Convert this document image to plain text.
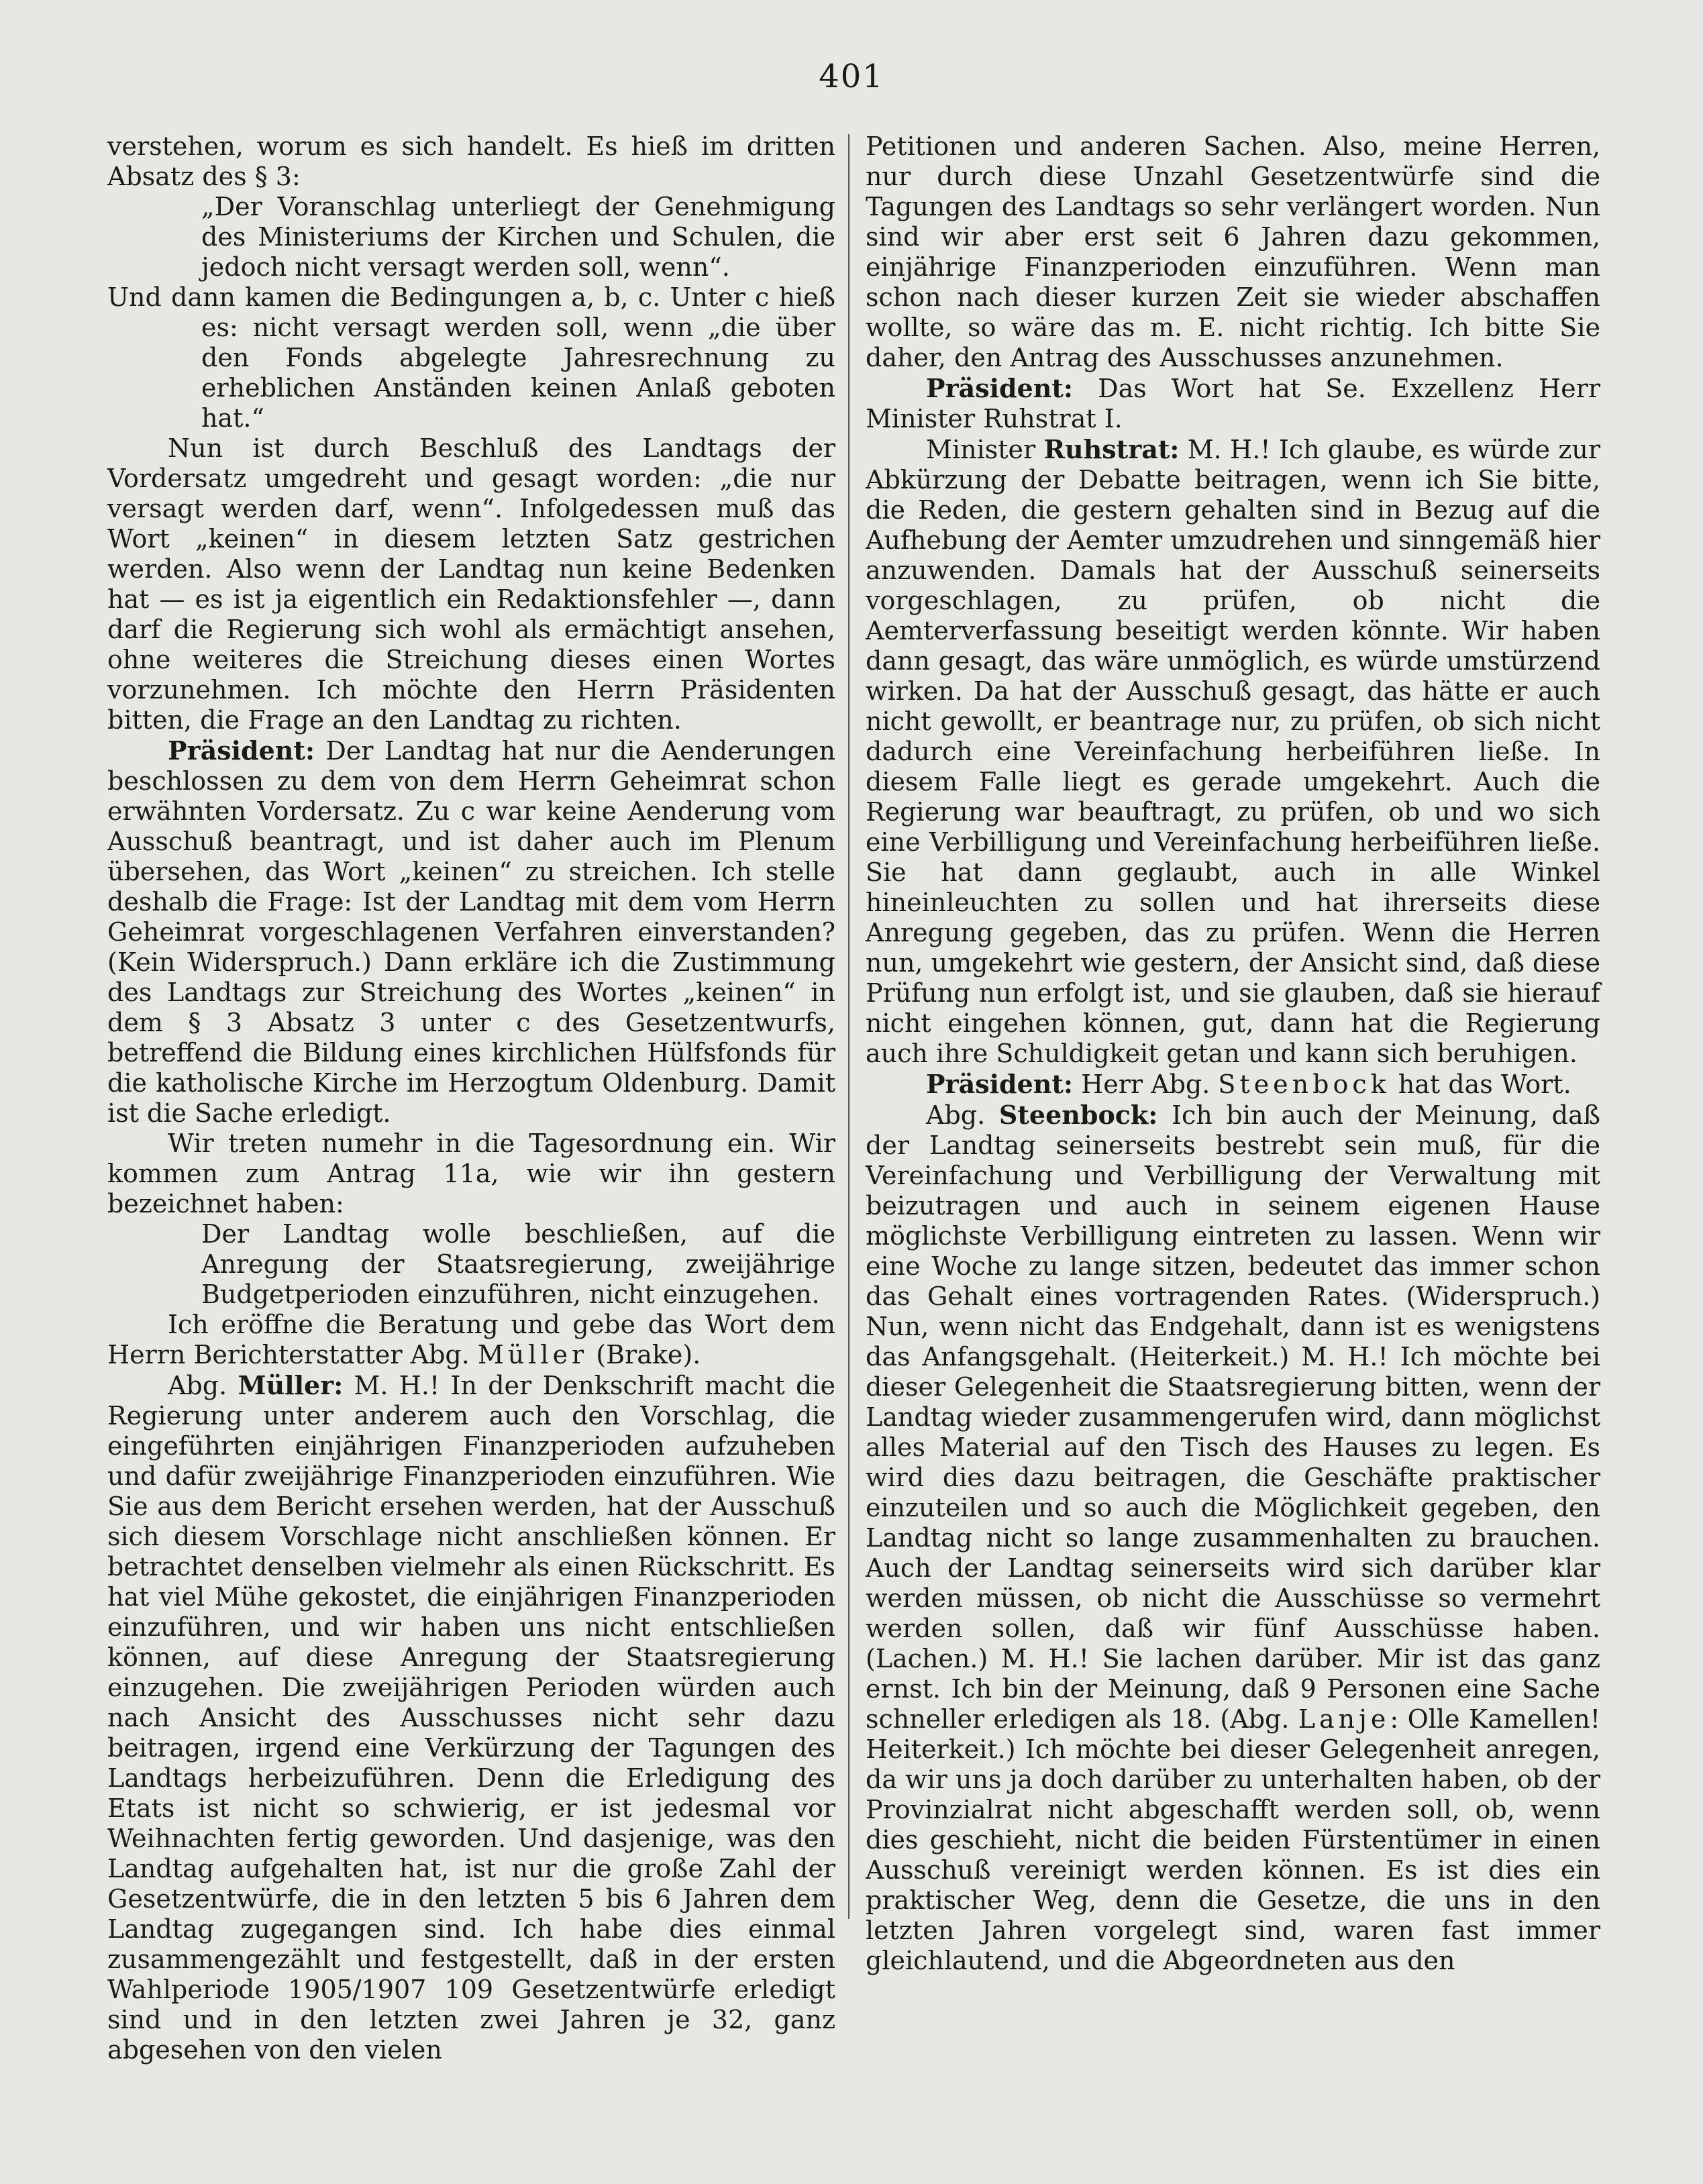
401

verstehen, worum es sich handelt. Es hieß im dritten Absatz des § 3:

„Der Voranschlag unterliegt der Genehmigung des Ministeriums der Kirchen und Schulen, die jedoch nicht versagt werden soll, wenn“.

Und dann kamen die Bedingungen a, b, c. Unter c hieß es: nicht versagt werden soll, wenn „die über den Fonds abgelegte Jahresrechnung zu erheblichen Anständen keinen Anlaß geboten hat.“

Nun ist durch Beschluß des Landtags der Vordersatz umgedreht und gesagt worden: „die nur versagt werden darf, wenn“. Infolgedessen muß das Wort „keinen“ in diesem letzten Satz gestrichen werden. Also wenn der Landtag nun keine Bedenken hat — es ist ja eigentlich ein Redaktionsfehler —, dann darf die Regierung sich wohl als ermächtigt ansehen, ohne weiteres die Streichung dieses einen Wortes vorzunehmen. Ich möchte den Herrn Präsidenten bitten, die Frage an den Landtag zu richten.

Präsident: Der Landtag hat nur die Aenderungen beschlossen zu dem von dem Herrn Geheimrat schon erwähnten Vordersatz. Zu c war keine Aenderung vom Ausschuß beantragt, und ist daher auch im Plenum übersehen, das Wort „keinen“ zu streichen. Ich stelle deshalb die Frage: Ist der Landtag mit dem vom Herrn Geheimrat vorgeschlagenen Verfahren einverstanden? (Kein Widerspruch.) Dann erkläre ich die Zustimmung des Landtags zur Streichung des Wortes „keinen“ in dem § 3 Absatz 3 unter c des Gesetzentwurfs, betreffend die Bildung eines kirchlichen Hülfsfonds für die katholische Kirche im Herzogtum Oldenburg. Damit ist die Sache erledigt.

Wir treten numehr in die Tagesordnung ein. Wir kommen zum Antrag 11a, wie wir ihn gestern bezeichnet haben:

Der Landtag wolle beschließen, auf die Anregung der Staatsregierung, zweijährige Budgetperioden einzuführen, nicht einzugehen.

Ich eröffne die Beratung und gebe das Wort dem Herrn Berichterstatter Abg. Müller (Brake).

Abg. Müller: M. H.! In der Denkschrift macht die Regierung unter anderem auch den Vorschlag, die eingeführten einjährigen Finanzperioden aufzuheben und dafür zweijährige Finanzperioden einzuführen. Wie Sie aus dem Bericht ersehen werden, hat der Ausschuß sich diesem Vorschlage nicht anschließen können. Er betrachtet denselben vielmehr als einen Rückschritt. Es hat viel Mühe gekostet, die einjährigen Finanzperioden einzuführen, und wir haben uns nicht entschließen können, auf diese Anregung der Staatsregierung einzugehen. Die zweijährigen Perioden würden auch nach Ansicht des Ausschusses nicht sehr dazu beitragen, irgend eine Verkürzung der Tagungen des Landtags herbeizuführen. Denn die Erledigung des Etats ist nicht so schwierig, er ist jedesmal vor Weihnachten fertig geworden. Und dasjenige, was den Landtag aufgehalten hat, ist nur die große Zahl der Gesetzentwürfe, die in den letzten 5 bis 6 Jahren dem Landtag zugegangen sind. Ich habe dies einmal zusammengezählt und festgestellt, daß in der ersten Wahlperiode 1905/1907 109 Gesetzentwürfe erledigt sind und in den letzten zwei Jahren je 32, ganz abgesehen von den vielen

Petitionen und anderen Sachen. Also, meine Herren, nur durch diese Unzahl Gesetzentwürfe sind die Tagungen des Landtags so sehr verlängert worden. Nun sind wir aber erst seit 6 Jahren dazu gekommen, einjährige Finanzperioden einzuführen. Wenn man schon nach dieser kurzen Zeit sie wieder abschaffen wollte, so wäre das m. E. nicht richtig. Ich bitte Sie daher, den Antrag des Ausschusses anzunehmen.

Präsident: Das Wort hat Se. Exzellenz Herr Minister Ruhstrat I.

Minister Ruhstrat: M. H.! Ich glaube, es würde zur Abkürzung der Debatte beitragen, wenn ich Sie bitte, die Reden, die gestern gehalten sind in Bezug auf die Aufhebung der Aemter umzudrehen und sinngemäß hier anzuwenden. Damals hat der Ausschuß seinerseits vorgeschlagen, zu prüfen, ob nicht die Aemterverfassung beseitigt werden könnte. Wir haben dann gesagt, das wäre unmöglich, es würde umstürzend wirken. Da hat der Ausschuß gesagt, das hätte er auch nicht gewollt, er beantrage nur, zu prüfen, ob sich nicht dadurch eine Vereinfachung herbeiführen ließe. In diesem Falle liegt es gerade umgekehrt. Auch die Regierung war beauftragt, zu prüfen, ob und wo sich eine Verbilligung und Vereinfachung herbeiführen ließe. Sie hat dann geglaubt, auch in alle Winkel hineinleuchten zu sollen und hat ihrerseits diese Anregung gegeben, das zu prüfen. Wenn die Herren nun, umgekehrt wie gestern, der Ansicht sind, daß diese Prüfung nun erfolgt ist, und sie glauben, daß sie hierauf nicht eingehen können, gut, dann hat die Regierung auch ihre Schuldigkeit getan und kann sich beruhigen.

Präsident: Herr Abg. Steenbock hat das Wort.

Abg. Steenbock: Ich bin auch der Meinung, daß der Landtag seinerseits bestrebt sein muß, für die Vereinfachung und Verbilligung der Verwaltung mit beizutragen und auch in seinem eigenen Hause möglichste Verbilligung eintreten zu lassen. Wenn wir eine Woche zu lange sitzen, bedeutet das immer schon das Gehalt eines vortragenden Rates. (Widerspruch.) Nun, wenn nicht das Endgehalt, dann ist es wenigstens das Anfangsgehalt. (Heiterkeit.) M. H.! Ich möchte bei dieser Gelegenheit die Staatsregierung bitten, wenn der Landtag wieder zusammengerufen wird, dann möglichst alles Material auf den Tisch des Hauses zu legen. Es wird dies dazu beitragen, die Geschäfte praktischer einzuteilen und so auch die Möglichkeit gegeben, den Landtag nicht so lange zusammenhalten zu brauchen. Auch der Landtag seinerseits wird sich darüber klar werden müssen, ob nicht die Ausschüsse so vermehrt werden sollen, daß wir fünf Ausschüsse haben. (Lachen.) M. H.! Sie lachen darüber. Mir ist das ganz ernst. Ich bin der Meinung, daß 9 Personen eine Sache schneller erledigen als 18. (Abg. Lanje: Olle Kamellen! Heiterkeit.) Ich möchte bei dieser Gelegenheit anregen, da wir uns ja doch darüber zu unterhalten haben, ob der Provinzialrat nicht abgeschafft werden soll, ob, wenn dies geschieht, nicht die beiden Fürstentümer in einen Ausschuß vereinigt werden können. Es ist dies ein praktischer Weg, denn die Gesetze, die uns in den letzten Jahren vorgelegt sind, waren fast immer gleichlautend, und die Abgeordneten aus den
